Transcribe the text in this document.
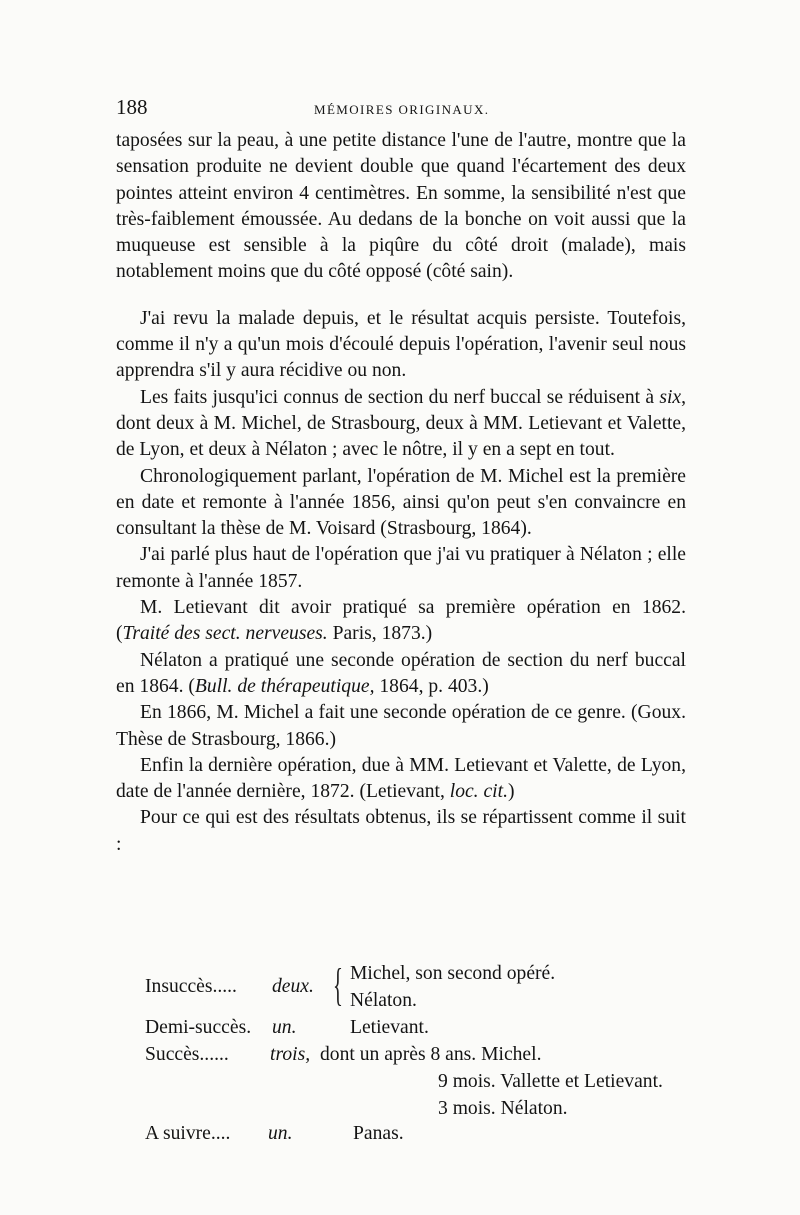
188	MÉMOIRES ORIGINAUX.

taposées sur la peau, à une petite distance l'une de l'autre, montre que la sensation produite ne devient double que quand l'écartement des deux pointes atteint environ 4 centimètres. En somme, la sensibilité n'est que très-faiblement émoussée. Au dedans de la bonche on voit aussi que la muqueuse est sensible à la piqûre du côté droit (malade), mais notablement moins que du côté opposé (côté sain).

J'ai revu la malade depuis, et le résultat acquis persiste. Toutefois, comme il n'y a qu'un mois d'écoulé depuis l'opération, l'avenir seul nous apprendra s'il y aura récidive ou non.

Les faits jusqu'ici connus de section du nerf buccal se réduisent à six, dont deux à M. Michel, de Strasbourg, deux à MM. Letievant et Valette, de Lyon, et deux à Nélaton ; avec le nôtre, il y en a sept en tout.

Chronologiquement parlant, l'opération de M. Michel est la première en date et remonte à l'année 1856, ainsi qu'on peut s'en convaincre en consultant la thèse de M. Voisard (Strasbourg, 1864).

J'ai parlé plus haut de l'opération que j'ai vu pratiquer à Nélaton ; elle remonte à l'année 1857.

M. Letievant dit avoir pratiqué sa première opération en 1862. (Traité des sect. nerveuses. Paris, 1873.)

Nélaton a pratiqué une seconde opération de section du nerf buccal en 1864. (Bull. de thérapeutique, 1864, p. 403.)

En 1866, M. Michel a fait une seconde opération de ce genre. (Goux. Thèse de Strasbourg, 1866.)

Enfin la dernière opération, due à MM. Letievant et Valette, de Lyon, date de l'année dernière, 1872. (Letievant, loc. cit.)

Pour ce qui est des résultats obtenus, ils se répartissent comme il suit :

Insuccès..... deux. { Michel, son second opéré.
Nélaton.
Demi-succès. un.	Letievant.
Succès...... trois, dont un après 8 ans. Michel.
9 mois. Vallette et Letievant.
3 mois. Nélaton.
A suivre.... un.	Panas.
